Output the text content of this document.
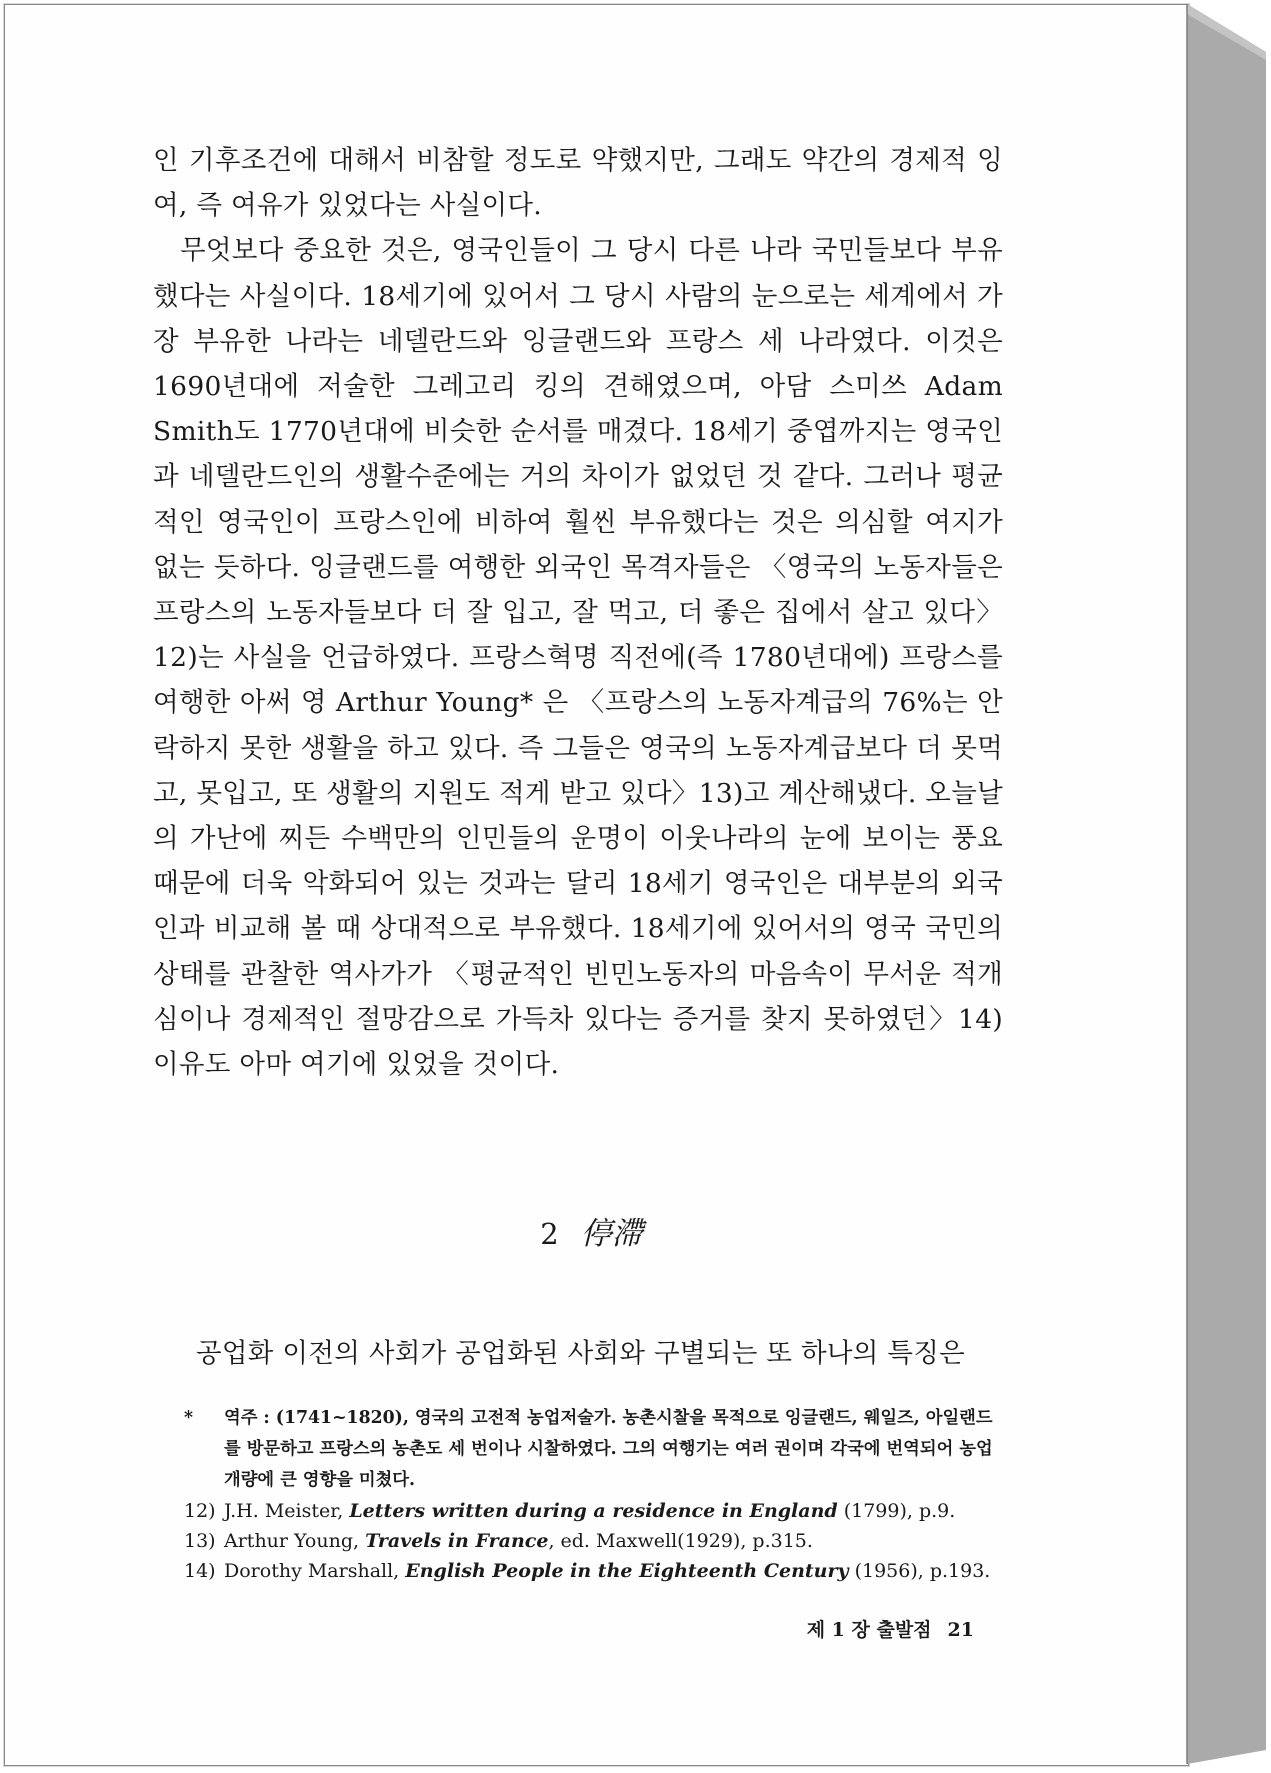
인 기후조건에 대해서 비참할 정도로 약했지만, 그래도 약간의 경제적 잉여, 즉 여유가 있었다는 사실이다.

무엇보다 중요한 것은, 영국인들이 그 당시 다른 나라 국민들보다 부유했다는 사실이다. 18세기에 있어서 그 당시 사람의 눈으로는 세계에서 가장 부유한 나라는 네델란드와 잉글랜드와 프랑스 세 나라였다. 이것은 1690년대에 저술한 그레고리 킹의 견해였으며, 아담 스미쓰 Adam Smith도 1770년대에 비슷한 순서를 매겼다. 18세기 중엽까지는 영국인과 네델란드인의 생활수준에는 거의 차이가 없었던 것 같다. 그러나 평균적인 영국인이 프랑스인에 비하여 훨씬 부유했다는 것은 의심할 여지가 없는 듯하다. 잉글랜드를 여행한 외국인 목격자들은 〈영국의 노동자들은 프랑스의 노동자들보다 더 잘 입고, 잘 먹고, 더 좋은 집에서 살고 있다〉12)는 사실을 언급하였다. 프랑스혁명 직전에(즉 1780년대에) 프랑스를 여행한 아써 영 Arthur Young* 은 〈프랑스의 노동자계급의 76%는 안락하지 못한 생활을 하고 있다. 즉 그들은 영국의 노동자계급보다 더 못먹고, 못입고, 또 생활의 지원도 적게 받고 있다〉13)고 계산해냈다. 오늘날의 가난에 찌든 수백만의 인민들의 운명이 이웃나라의 눈에 보이는 풍요 때문에 더욱 악화되어 있는 것과는 달리 18세기 영국인은 대부분의 외국인과 비교해 볼 때 상대적으로 부유했다. 18세기에 있어서의 영국 국민의 상태를 관찰한 역사가가 〈평균적인 빈민노동자의 마음속이 무서운 적개심이나 경제적인 절망감으로 가득차 있다는 증거를 찾지 못하였던〉14) 이유도 아마 여기에 있었을 것이다.

2 停滯
공업화 이전의 사회가 공업화된 사회와 구별되는 또 하나의 특징은
* 역주 : (1741~1820), 영국의 고전적 농업저술가. 농촌시찰을 목적으로 잉글랜드, 웨일즈, 아일랜드를 방문하고 프랑스의 농촌도 세 번이나 시찰하였다. 그의 여행기는 여러 권이며 각국에 번역되어 농업개량에 큰 영향을 미쳤다.
12) J.H. Meister, Letters written during a residence in England (1799), p.9.
13) Arthur Young, Travels in France, ed. Maxwell(1929), p.315.
14) Dorothy Marshall, English People in the Eighteenth Century (1956), p.193.
제 1 장 출발점 21
